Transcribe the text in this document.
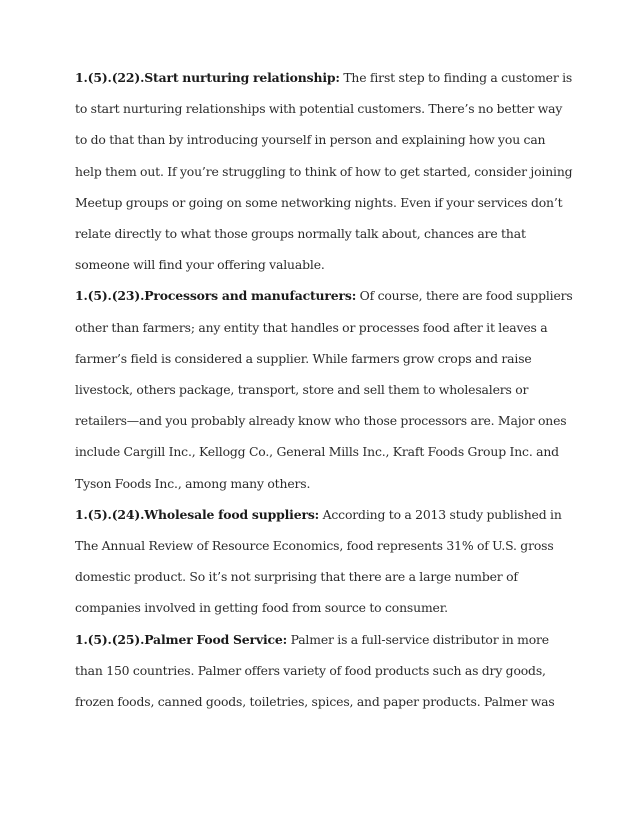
1.(5).(22).Start nurturing relationship: The first step to finding a customer is to start nurturing relationships with potential customers. There’s no better way to do that than by introducing yourself in person and explaining how you can help them out. If you’re struggling to think of how to get started, consider joining Meetup groups or going on some networking nights. Even if your services don’t relate directly to what those groups normally talk about, chances are that someone will find your offering valuable.

1.(5).(23).Processors and manufacturers: Of course, there are food suppliers other than farmers; any entity that handles or processes food after it leaves a farmer’s field is considered a supplier. While farmers grow crops and raise livestock, others package, transport, store and sell them to wholesalers or retailers—and you probably already know who those processors are. Major ones include Cargill Inc., Kellogg Co., General Mills Inc., Kraft Foods Group Inc. and Tyson Foods Inc., among many others.

1.(5).(24).Wholesale food suppliers: According to a 2013 study published in The Annual Review of Resource Economics, food represents 31% of U.S. gross domestic product. So it’s not surprising that there are a large number of companies involved in getting food from source to consumer.

1.(5).(25).Palmer Food Service: Palmer is a full-service distributor in more than 150 countries. Palmer offers variety of food products such as dry goods, frozen foods, canned goods, toiletries, spices, and paper products. Palmer was
